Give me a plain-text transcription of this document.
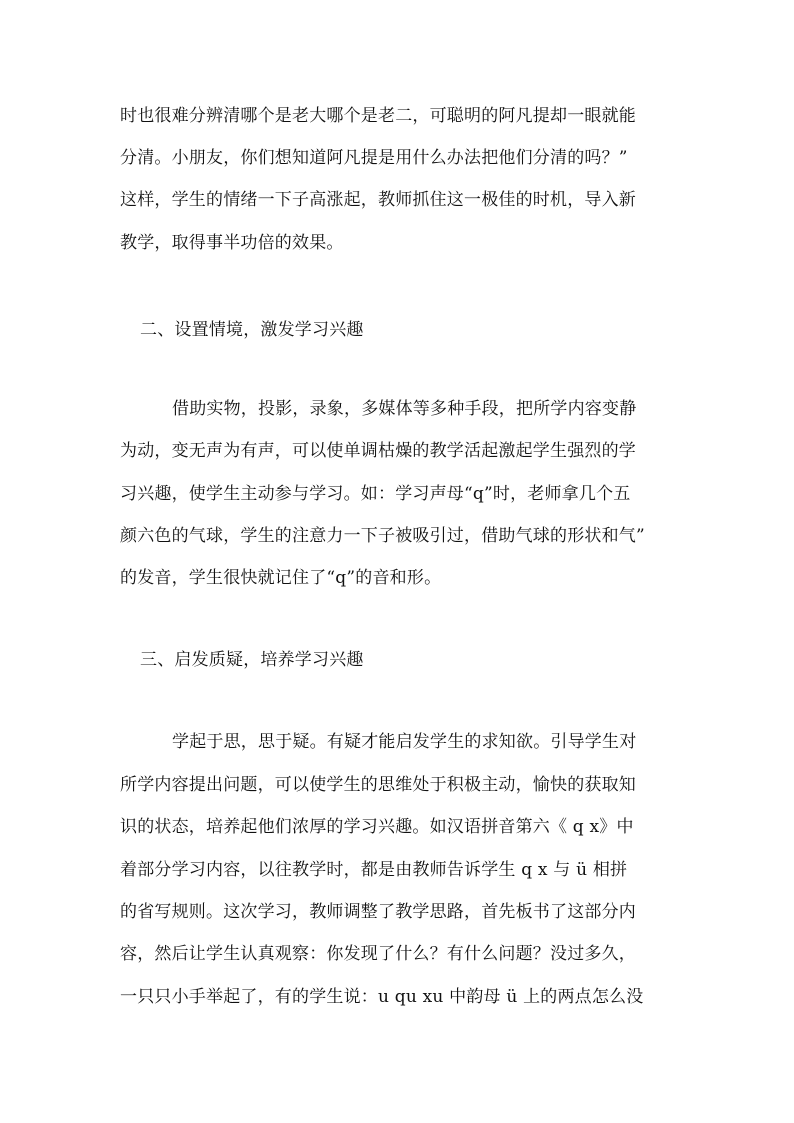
时也很难分辨清哪个是老大哪个是老二，可聪明的阿凡提却一眼就能
分清。小朋友，你们想知道阿凡提是用什么办法把他们分清的吗？”
这样，学生的情绪一下子高涨起，教师抓住这一极佳的时机，导入新
教学，取得事半功倍的效果。
二、设置情境，激发学习兴趣
借助实物，投影，录象，多媒体等多种手段，把所学内容变静
为动，变无声为有声，可以使单调枯燥的教学活起激起学生强烈的学
习兴趣，使学生主动参与学习。如：学习声母“q”时，老师拿几个五
颜六色的气球，学生的注意力一下子被吸引过，借助气球的形状和气”
的发音，学生很快就记住了“q”的音和形。
三、启发质疑，培养学习兴趣
学起于思，思于疑。有疑才能启发学生的求知欲。引导学生对
所学内容提出问题，可以使学生的思维处于积极主动，愉快的获取知
识的状态，培养起他们浓厚的学习兴趣。如汉语拼音第六《 q x》中
着部分学习内容，以往教学时，都是由教师告诉学生 q x 与 ü 相拼
的省写规则。这次学习，教师调整了教学思路，首先板书了这部分内
容，然后让学生认真观察：你发现了什么？有什么问题？没过多久，
一只只小手举起了，有的学生说：u qu xu 中韵母 ü 上的两点怎么没
